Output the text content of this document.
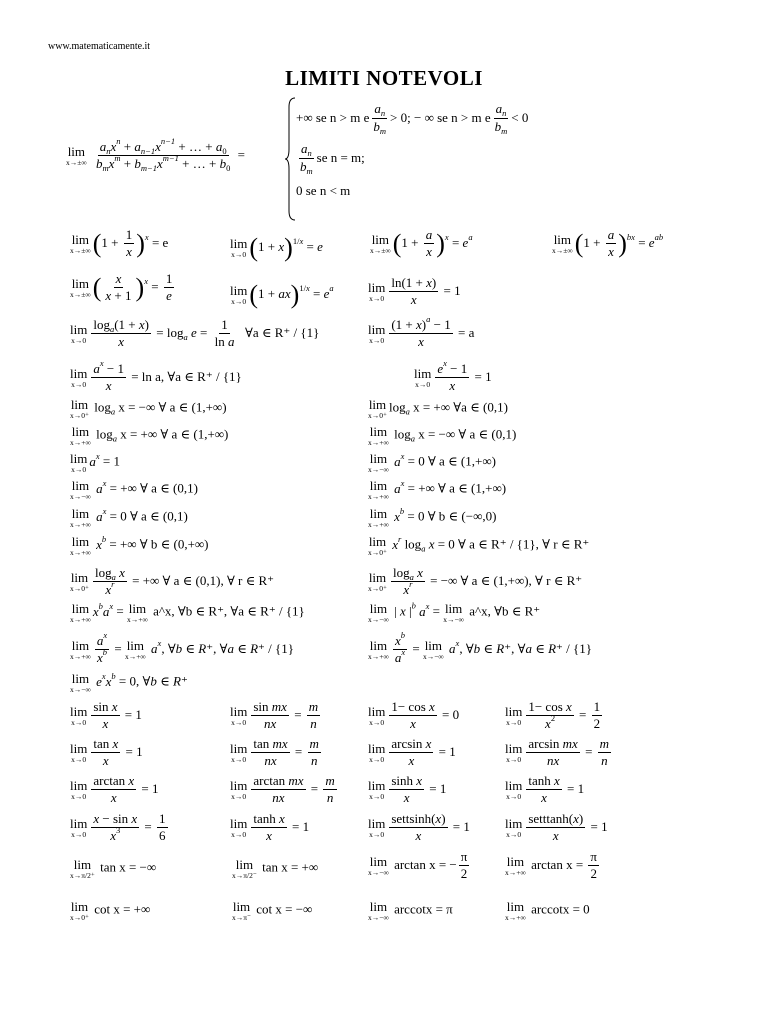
www.matematicamente.it
LIMITI NOTEVOLI
lim
x→±∞
$\frac{a_nx^n + a_{n-1}x^{n-1} + \dots + a_0}{b_mx^m + b_{m-1}x^{m-1} + \dots + b_0}$ =
+∞ se n > m e $\frac{a_n}{b_m} > 0$; − ∞ se n > m e $\frac{a_n}{b_m} < 0$
$\frac{a_n}{b_m}$ se n = m;
0 se n < m
lim
x→±∞ $(1 + \frac{1}{x} )^x = e$	lim
x→0 $(1 + x)^{1/x} = e$	lim
x→±∞ $(1 + \frac{a}{x} )^x = e^a$	lim
x→±∞ $(1 + \frac{a}{x} )^{bx} = e^{ab}$
lim
x→±∞ ( $\frac{x}{x + 1} )^x = \frac{1}{e}$	lim
x→0 $(1 + ax)^{1/x} = e^a$	lim
$x\to 0 \frac{\ln(1 + x)}{x} = 1$
lim
$x\to 0 \frac{\log_a(1 + x)}{x} = \log_a e = \frac{1}{\text{ln a}}$ ∀a ∈ R⁺ / {1}	lim
$x\to 0 \frac{(1 + x)^a - 1}{x} = a$
lim
$x\to 0 \frac{a^x - 1}{x} = \ln a$, ∀a ∈ R⁺ / {1}	lim
$x\to 0 \frac{e^x - 1}{x} = 1$
lim
x→0⁺
$\log_a x$ = −∞ ∀ a ∈ (1,+∞)	lim
x→0⁺
$\log_a x$ = +∞ ∀a ∈ (0,1)
lim
x→+∞
$\log_a x$ = +∞ ∀ a ∈ (1,+∞)	lim
x→+∞
$\log_a x$ = −∞ ∀ a ∈ (0,1)
lim
x→0
$a^x = 1$	lim
x→−∞
$a^x = 0$ ∀ a ∈ (1,+∞)
lim
x→−∞
$a^x$ = +∞ ∀ a ∈ (0,1)	lim
x→+∞
$a^x$ = +∞ ∀ a ∈ (1,+∞)
lim
x→+∞
$a^x = 0$ ∀ a ∈ (0,1)	lim
x→+∞
$x^b = 0$ ∀ b ∈ (−∞,0)
lim
x→+∞
$x^b$ = +∞ ∀ b ∈ (0,+∞)	lim
x→0⁺
$x^r$ $\log_a x = 0$ ∀ a ∈ R⁺ / {1}, ∀ r ∈ R⁺
lim
$x\to 0^+ \frac{\log_a x}{x^r}$ = +∞ ∀ a ∈ (0,1), ∀ r ∈ R⁺	lim
$x\to 0^+ \frac{\log_a x}{x^r}$ = −∞ ∀ a ∈ (1,+∞), ∀ r ∈ R⁺
lim
x→+∞
$x^ba^x = \lim$
x→+∞
a^x, ∀b ∈ R⁺, ∀a ∈ R⁺ / {1}	lim
x→−∞
| x $|^b$ $a^x = \lim$
x→−∞
a^x, ∀b ∈ R⁺
lim
$x\to+\infty \frac{a^x}{x^b} = \lim$
x→+∞
$a^x$, ∀b ∈ R⁺, ∀a ∈ R⁺ / {1}	lim
$x\to+\infty \frac{x^b}{a^x} = \lim$
x→−∞
$a^x$, ∀b ∈ R⁺, ∀a ∈ R⁺ / {1}
lim
x→−∞
$e^xx^b = 0$, ∀b ∈ R⁺
lim
$x\to 0 \frac{\text{sin x}}{x} = 1$	lim
$x\to 0 \frac{\text{sin mx}}{nx} = \frac{m}{n}$	lim
$x\to 0 \frac{\text{1− cos x}}{x} = 0$	lim
$x\to 0 \frac{\text{1− cos x}}{x^2} = \frac{1}{2}$
lim
$x\to 0 \frac{\text{tan x}}{x} = 1$	lim
$x\to 0 \frac{\text{tan mx}}{nx} = \frac{m}{n}$	lim
$x\to 0 \frac{\text{arcsin x}}{x} = 1$	lim
$x\to 0 \frac{\text{arcsin mx}}{nx} = \frac{m}{n}$
lim
$x\to 0 \frac{\text{arctan x}}{x} = 1$	lim
$x\to 0 \frac{\text{arctan mx}}{nx} = \frac{m}{n}$ lim
$x\to 0 \frac{\text{sinh x}}{x} = 1$	lim
$x\to 0 \frac{\text{tanh x}}{x} = 1$
lim
$x\to 0 \frac{\text{x − sin x}}{x^3} = \frac{1}{6}$	lim
$x\to 0 \frac{\text{tanh x}}{x} = 1$	lim
$x\to 0 \frac{\text{settsinh(x)}}{x} = 1$	lim
$x\to 0 \frac{\text{setttanh(x)}}{x} = 1$
lim
x→π/2⁺
tan x = −∞	lim
x→π/2⁻
tan x = +∞	lim
x→−∞
arctan x = − $\frac{\pi}{2}$	lim
x→+∞
$\arctan x = \frac{\pi}{2}$
lim
x→0⁺
cot x = +∞	lim
x→π⁻
cot x = −∞	lim
x→−∞
arccotx = π	lim
x→+∞
arccotx = 0
